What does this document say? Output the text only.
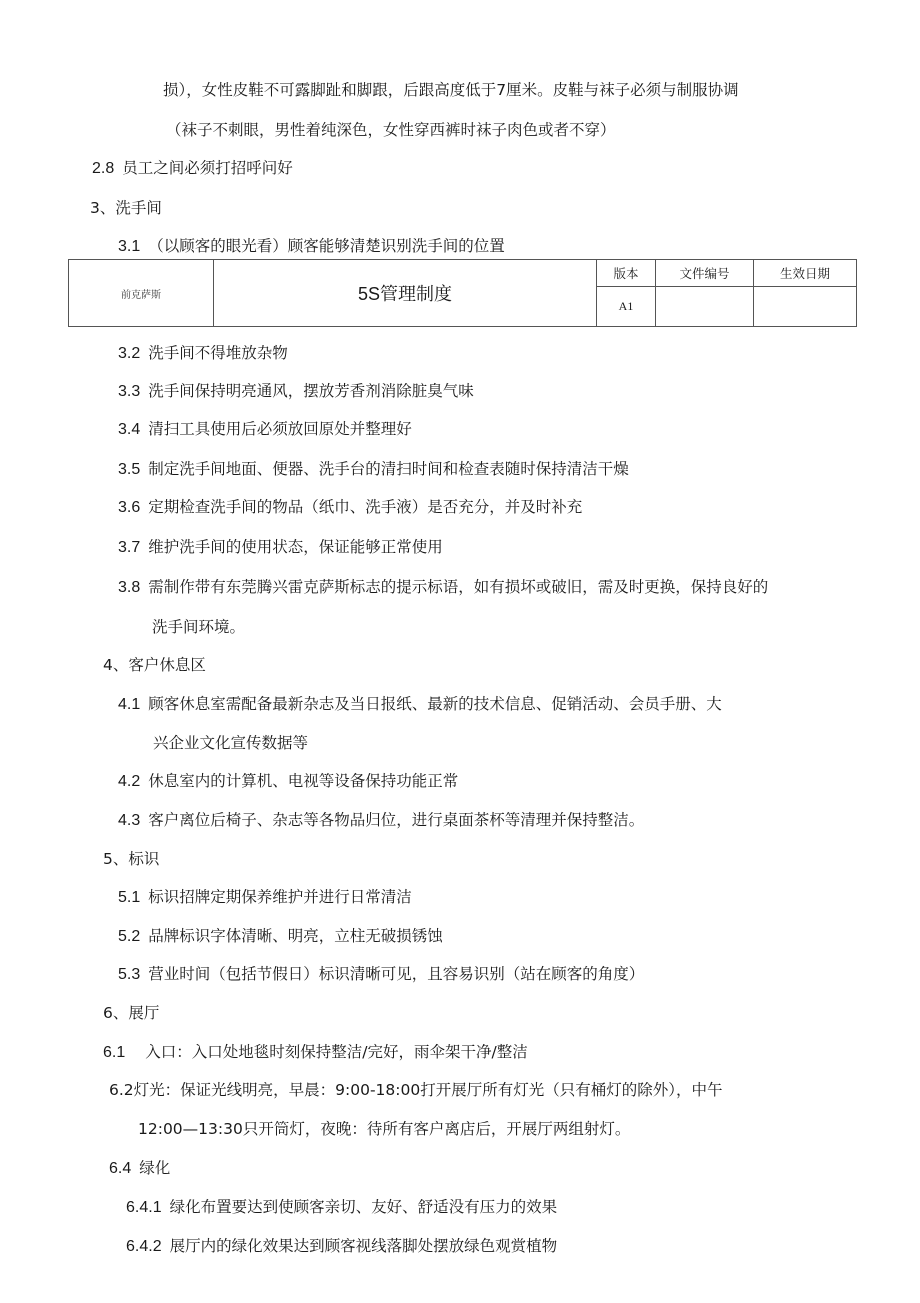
前克萨斯	5S管理制度	版本	文件编号	生效日期
		A1		
损），女性皮鞋不可露脚趾和脚跟，后跟高度低于7厘米。皮鞋与袜子必须与制服协调
（袜子不刺眼，男性着纯深色，女性穿西裤时袜子肉色或者不穿）
2.8 员工之间必须打招呼问好
3、洗手间
3.1 （以顾客的眼光看）顾客能够清楚识别洗手间的位置
3.2 洗手间不得堆放杂物
3.3 洗手间保持明亮通风，摆放芳香剂消除脏臭气味
3.4 清扫工具使用后必须放回原处并整理好
3.5 制定洗手间地面、便器、洗手台的清扫时间和检查表随时保持清洁干燥
3.6 定期检查洗手间的物品（纸巾、洗手液）是否充分，并及时补充
3.7 维护洗手间的使用状态，保证能够正常使用
3.8 需制作带有东莞腾兴雷克萨斯标志的提示标语，如有损坏或破旧，需及时更换，保持良好的
洗手间环境。
4、客户休息区
4.1 顾客休息室需配备最新杂志及当日报纸、最新的技术信息、促销活动、会员手册、大
兴企业文化宣传数据等
4.2 休息室内的计算机、电视等设备保持功能正常
4.3 客户离位后椅子、杂志等各物品归位，进行桌面茶杯等清理并保持整洁。
5、标识
5.1 标识招牌定期保养维护并进行日常清洁
5.2 品牌标识字体清晰、明亮，立柱无破损锈蚀
5.3 营业时间（包括节假日）标识清晰可见，且容易识别（站在顾客的角度）
6、展厅
6.1 入口：入口处地毯时刻保持整洁/完好，雨伞架干净/整洁
6.2灯光：保证光线明亮，早晨：9:00-18:00打开展厅所有灯光（只有桶灯的除外），中午
12:00—13:30只开筒灯，夜晚：待所有客户离店后，开展厅两组射灯。
6.4 绿化
6.4.1 绿化布置要达到使顾客亲切、友好、舒适没有压力的效果
6.4.2 展厅内的绿化效果达到顾客视线落脚处摆放绿色观赏植物
